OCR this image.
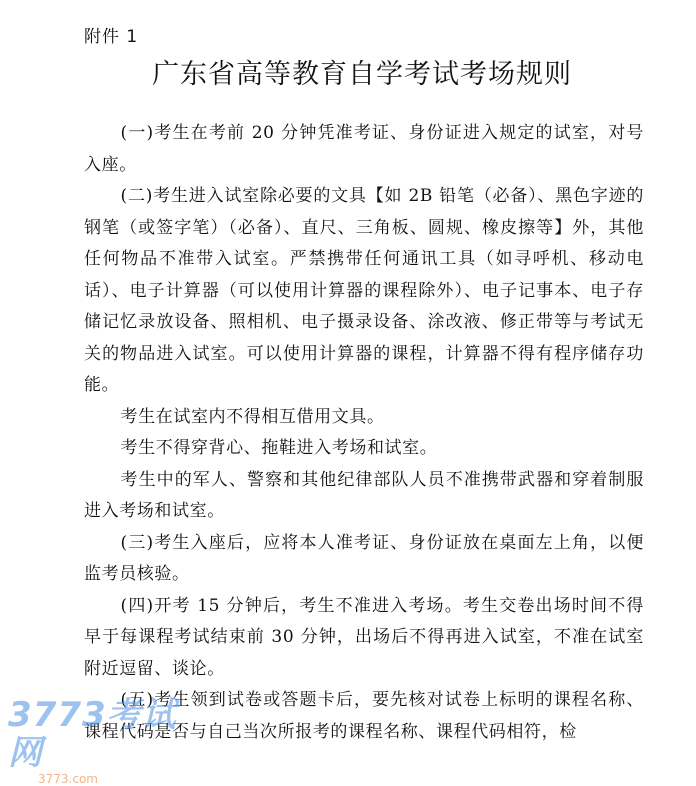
附件 1
广东省高等教育自学考试考场规则

(一)考生在考前 20 分钟凭准考证、身份证进入规定的试室，对号入座。

(二)考生进入试室除必要的文具【如 2B 铅笔（必备）、黑色字迹的钢笔（或签字笔）（必备）、直尺、三角板、圆规、橡皮擦等】外，其他任何物品不准带入试室。严禁携带任何通讯工具（如寻呼机、移动电话）、电子计算器（可以使用计算器的课程除外）、电子记事本、电子存储记忆录放设备、照相机、电子摄录设备、涂改液、修正带等与考试无关的物品进入试室。可以使用计算器的课程，计算器不得有程序储存功能。

考生在试室内不得相互借用文具。

考生不得穿背心、拖鞋进入考场和试室。

考生中的军人、警察和其他纪律部队人员不准携带武器和穿着制服进入考场和试室。

(三)考生入座后，应将本人准考证、身份证放在桌面左上角，以便监考员核验。

(四)开考 15 分钟后，考生不准进入考场。考生交卷出场时间不得早于每课程考试结束前 30 分钟，出场后不得再进入试室，不准在试室附近逗留、谈论。

(五)考生领到试卷或答题卡后，要先核对试卷上标明的课程名称、课程代码是否与自己当次所报考的课程名称、课程代码相符，检

3773考试网
3773.com
